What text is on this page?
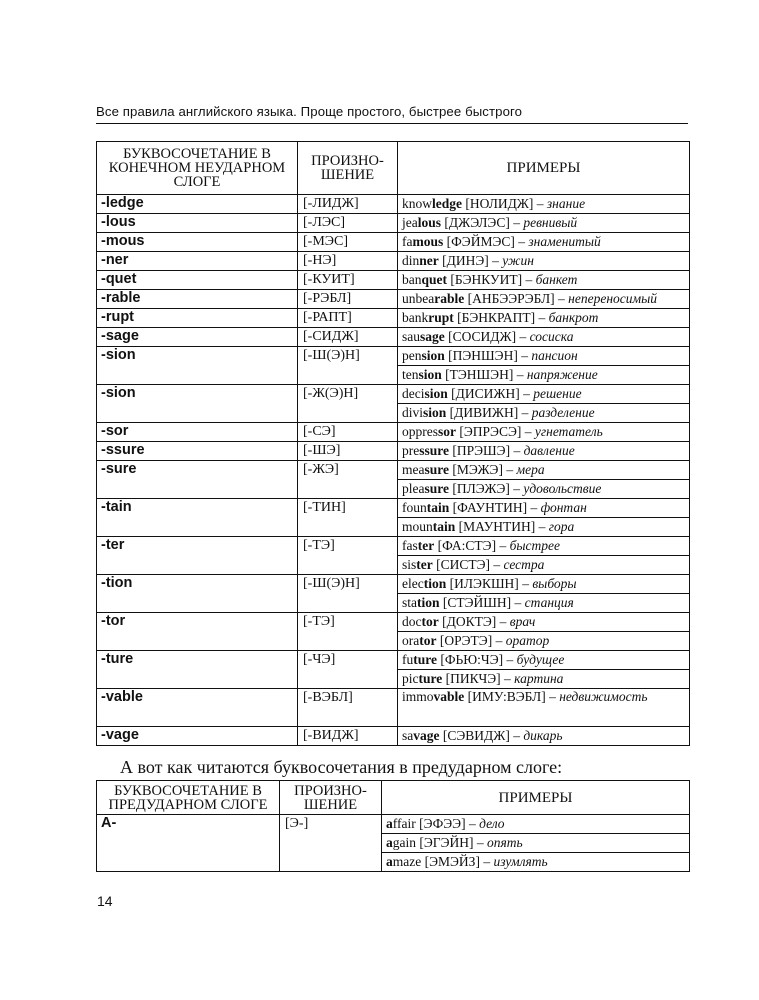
Все правила английского языка. Проще простого, быстрее быстрого
БУКВОСОЧЕТАНИЕ В КОНЕЧНОМ НЕУДАРНОМ СЛОГЕ	ПРОИЗНО-ШЕНИЕ	ПРИМЕРЫ
-ledge	[-ЛИДЖ]	knowledge [НОЛИДЖ] – знание
-lous	[-ЛЭС]	jealous [ДЖЭЛЭС] – ревнивый
-mous	[-МЭС]	famous [ФЭЙМЭС] – знаменитый
-ner	[-НЭ]	dinner [ДИНЭ] – ужин
-quet	[-КУИТ]	banquet [БЭНКУИТ] – банкет
-rable	[-РЭБЛ]	unbearable [АНБЭЭРЭБЛ] – непереносимый
-rupt	[-РАПТ]	bankrupt [БЭНКРАПТ] – банкрот
-sage	[-СИДЖ]	sausage [СОСИДЖ] – сосиска
-sion	[-Ш(Э)Н]	pension [ПЭНШЭН] – пансион
		tension [ТЭНШЭН] – напряжение
-sion	[-Ж(Э)Н]	decision [ДИСИЖН] – решение
		division [ДИВИЖН] – разделение
-sor	[-СЭ]	oppressor [ЭПРЭСЭ] – угнетатель
-ssure	[-ШЭ]	pressure [ПРЭШЭ] – давление
-sure	[-ЖЭ]	measure [МЭЖЭ] – мера
		pleasure [ПЛЭЖЭ] – удовольствие
-tain	[-ТИН]	fountain [ФАУНТИН] – фонтан
		mountain [МАУНТИН] – гора
-ter	[-ТЭ]	faster [ФА:СТЭ] – быстрее
		sister [СИСТЭ] – сестра
-tion	[-Ш(Э)Н]	election [ИЛЭКШН] – выборы
		station [СТЭЙШН] – станция
-tor	[-ТЭ]	doctor [ДОКТЭ] – врач
		orator [ОРЭТЭ] – оратор
-ture	[-ЧЭ]	future [ФЬЮ:ЧЭ] – будущее
		picture [ПИКЧЭ] – картина
-vable	[-ВЭБЛ]	immovable [ИМУ:ВЭБЛ] – недвижимость
-vage	[-ВИДЖ]	savage [СЭВИДЖ] – дикарь
А вот как читаются буквосочетания в предударном слоге:
БУКВОСОЧЕТАНИЕ В ПРЕДУДАРНОМ СЛОГЕ	ПРОИЗНО-ШЕНИЕ	ПРИМЕРЫ
A-	[Э-]	affair [ЭФЭЭ] – дело
		again [ЭГЭЙН] – опять
		amaze [ЭМЭЙЗ] – изумлять
14
